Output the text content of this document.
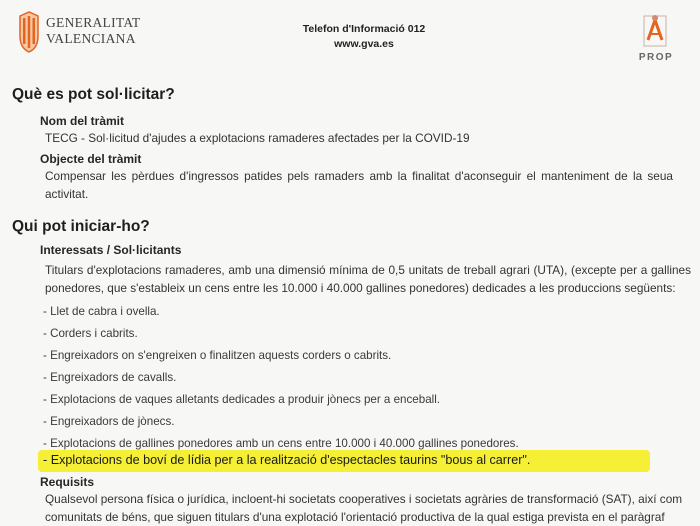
GENERALITAT
VALENCIANA
Telefon d'Informació 012
www.gva.es
PROP
Què es pot sol·licitar?
Nom del tràmit
TECG - Sol·licitud d'ajudes a explotacions ramaderes afectades per la COVID-19
Objecte del tràmit
Compensar les pèrdues d'ingressos patides pels ramaders amb la finalitat d'aconseguir el manteniment de la seua activitat.
Qui pot iniciar-ho?
Interessats / Sol·licitants
Titulars d'explotacions ramaderes, amb una dimensió mínima de 0,5 unitats de treball agrari (UTA), (excepte per a gallines ponedores, que s'estableix un cens entre les 10.000 i 40.000 gallines ponedores) dedicades a les produccions següents:
- Llet de cabra i ovella.
- Corders i cabrits.
- Engreixadors on s'engreixen o finalitzen aquests corders o cabrits.
- Engreixadors de cavalls.
- Explotacions de vaques alletants dedicades a produir jònecs per a enceball.
- Engreixadors de jònecs.
- Explotacions de gallines ponedores amb un cens entre 10.000 i 40.000 gallines ponedores.
- Explotacions de boví de lídia per a la realització d'espectacles taurins "bous al carrer".
Requisits
Qualsevol persona física o jurídica, incloent-hi societats cooperatives i societats agràries de transformació (SAT), així com comunitats de béns, que siguen titulars d'una explotació l'orientació productiva de la qual estiga prevista en el paràgraf
